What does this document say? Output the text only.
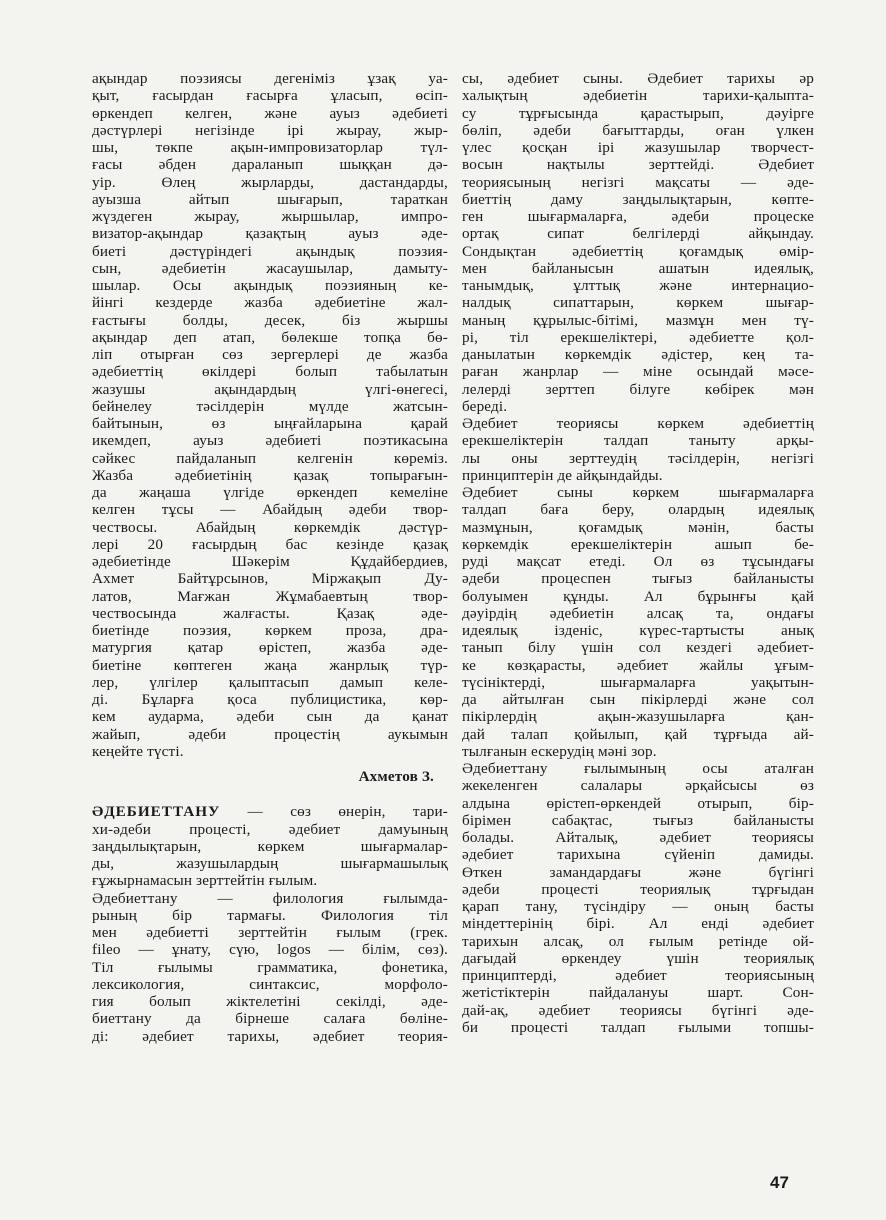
ақындар поэзиясы дегеніміз ұзақ уа-
қыт, ғасырдан ғасырға ұласып, өсіп-
өркендеп келген, және ауыз әдебиеті
дәстүрлері негізінде ірі жырау, жыр-
шы, төкпе ақын-импровизаторлар түл-
ғасы әбден дараланып шыққан дә-
уір. Өлең жырларды, дастандарды,
ауызша айтып шығарып, тараткан
жүздеген жырау, жыршылар, импро-
визатор-ақындар қазақтың ауыз әде-
биеті дәстүріндегі ақындық поэзия-
сын, әдебиетін жасаушылар, дамыту-
шылар. Осы ақындық поэзияның ке-
йінгі кездерде жазба әдебиетіне жал-
ғастығы болды, десек, біз жыршы
ақындар деп атап, бөлекше топқа бө-
ліп отырған сөз зергерлері де жазба
әдебиеттің өкілдері болып табылатын
жазушы ақындардың үлгі-өнегесі,
бейнелеу тәсілдерін мүлде жатсын-
байтынын, өз ыңғайларына қарай
икемдеп, ауыз әдебиеті поэтикасына
сәйкес пайдаланып келгенін көреміз.
Жазба әдебиетінің қазақ топырағын-
да жаңаша үлгіде өркендеп кемеліне
келген тұсы — Абайдың әдеби твор-
чествосы. Абайдың көркемдік дәстүр-
лері 20 ғасырдың бас кезінде қазақ
әдебиетінде Шәкерім Құдайбердиев,
Ахмет Байтұрсынов, Міржақып Ду-
латов, Мағжан Жұмабаевтың твор-
чествосында жалғасты. Қазақ әде-
биетінде поэзия, көркем проза, дра-
матургия қатар өрістеп, жазба әде-
биетіне көптеген жаңа жанрлық түр-
лер, үлгілер қалыптасып дамып келе-
ді. Бұларға қоса публицистика, көр-
кем аударма, әдеби сын да қанат
жайып, әдеби процестің аукымын
кеңейте түсті.
Ахметов З.
ӘДЕБИЕТТАНУ — сөз өнерін, тари-
хи-әдеби процесті, әдебиет дамуының
заңдылықтарын, көркем шығармалар-
ды, жазушылардың шығармашылық
ғұжырнамасын зерттейтін ғылым.
Әдебиеттану — филология ғылымда-
рының бір тармағы. Филология тіл
мен әдебиетті зерттейтін ғылым (грек.
fileo — ұнату, сүю, logos — білім, сөз).
Тіл ғылымы грамматика, фонетика,
лексикология, синтаксис, морфоло-
гия болып жіктелетіні секілді, әде-
биеттану да бірнеше салаға бөліне-
ді: әдебиет тарихы, әдебиет теория-
сы, әдебиет сыны. Әдебиет тарихы әр
халықтың әдебиетін тарихи-қалыпта-
су тұрғысында қарастырып, дәуірге
бөліп, әдеби бағыттарды, оған үлкен
үлес қосқан ірі жазушылар творчест-
восын нақтылы зерттейді. Әдебиет
теориясының негізгі мақсаты — әде-
биеттің даму заңдылықтарын, көпте-
ген шығармаларға, әдеби процеске
ортақ сипат белгілерді айқындау.
Сондықтан әдебиеттің қоғамдық өмір-
мен байланысын ашатын идеялық,
танымдық, ұлттық және интернацио-
налдық сипаттарын, көркем шығар-
маның құрылыс-бітімі, мазмұн мен тү-
рі, тіл ерекшеліктері, әдебиетте қол-
данылатын көркемдік әдістер, кең та-
раған жанрлар — міне осындай мәсе-
лелерді зерттеп білуге көбірек мән
береді.
Әдебиет теориясы көркем әдебиеттің
ерекшеліктерін талдап таныту арқы-
лы оны зерттеудің тәсілдерін, негізгі
принциптерін де айқындайды.
Әдебиет сыны көркем шығармаларға
талдап баға беру, олардың идеялық
мазмұнын, қоғамдық мәнін, басты
көркемдік ерекшеліктерін ашып бе-
руді мақсат етеді. Ол өз тұсындағы
әдеби процеспен тығыз байланысты
болуымен құнды. Ал бұрынғы қай
дәуірдің әдебиетін алсақ та, ондағы
идеялық ізденіс, күрес-тартысты анық
танып білу үшін сол кездегі әдебиет-
ке көзқарасты, әдебиет жайлы ұғым-
түсініктерді, шығармаларға уақытын-
да айтылған сын пікірлерді және сол
пікірлердің ақын-жазушыларға қан-
дай талап қойылып, қай тұрғыда ай-
тылғанын ескерудің мәні зор.
Әдебиеттану ғылымының осы аталған
жекеленген салалары әрқайсысы өз
алдына өрістеп-өркендей отырып, бір-
бірімен сабақтас, тығыз байланысты
болады. Айталық, әдебиет теориясы
әдебиет тарихына сүйеніп дамиды.
Өткен замандардағы және бүгінгі
әдеби процесті теориялық тұрғыдан
қарап тану, түсіндіру — оның басты
міндеттерінің бірі. Ал енді әдебиет
тарихын алсақ, ол ғылым ретінде ой-
дағыдай өркендеу үшін теориялық
принциптерді, әдебиет теориясының
жетістіктерін пайдалануы шарт. Сон-
дай-ақ, әдебиет теориясы бүгінгі әде-
би процесті талдап ғылыми топшы-
47
